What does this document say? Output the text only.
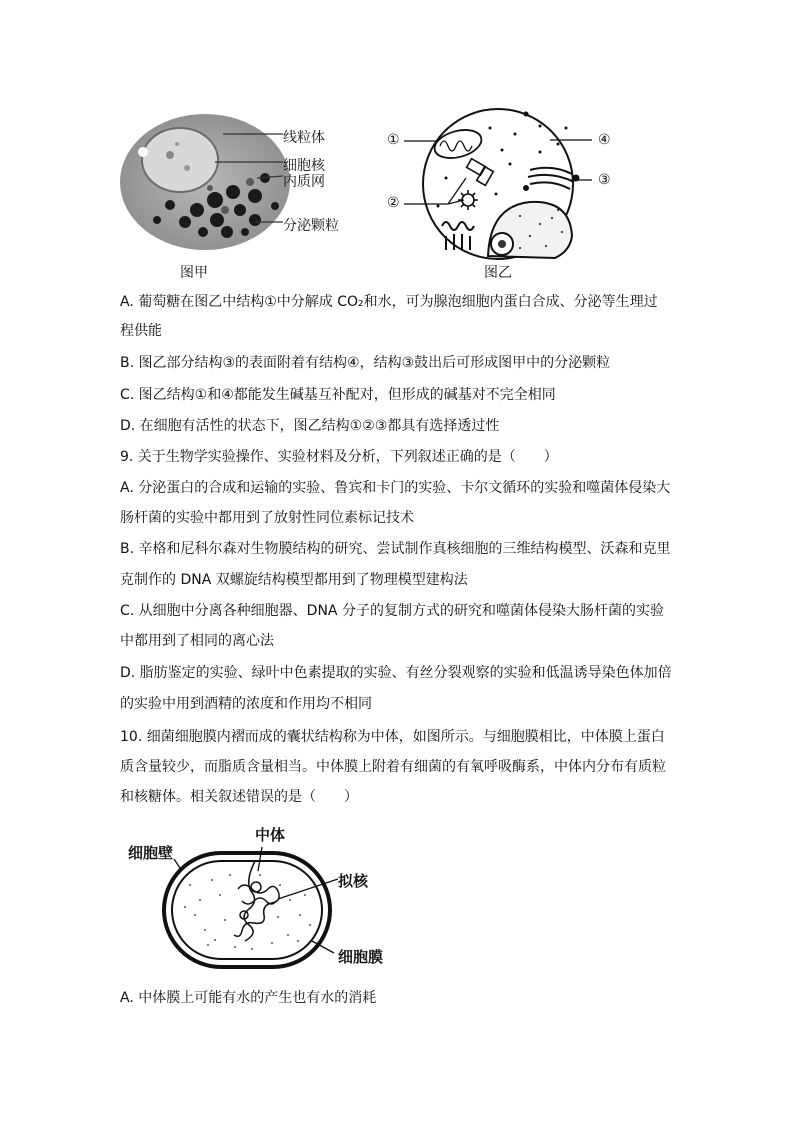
线粒体
细胞核
内质网
分泌颗粒
图甲
①
②
③
④
图乙
A. 葡萄糖在图乙中结构①中分解成 CO₂和水，可为腺泡细胞内蛋白合成、分泌等生理过
程供能
B. 图乙部分结构③的表面附着有结构④，结构③鼓出后可形成图甲中的分泌颗粒
C. 图乙结构①和④都能发生碱基互补配对，但形成的碱基对不完全相同
D. 在细胞有活性的状态下，图乙结构①②③都具有选择透过性
9. 关于生物学实验操作、实验材料及分析，下列叙述正确的是（　　）
A. 分泌蛋白的合成和运输的实验、鲁宾和卡门的实验、卡尔文循环的实验和噬菌体侵染大
肠杆菌的实验中都用到了放射性同位素标记技术
B. 辛格和尼科尔森对生物膜结构的研究、尝试制作真核细胞的三维结构模型、沃森和克里
克制作的 DNA 双螺旋结构模型都用到了物理模型建构法
C. 从细胞中分离各种细胞器、DNA 分子的复制方式的研究和噬菌体侵染大肠杆菌的实验
中都用到了相同的离心法
D. 脂肪鉴定的实验、绿叶中色素提取的实验、有丝分裂观察的实验和低温诱导染色体加倍
的实验中用到酒精的浓度和作用均不相同
10. 细菌细胞膜内褶而成的囊状结构称为中体，如图所示。与细胞膜相比，中体膜上蛋白
质含量较少，而脂质含量相当。中体膜上附着有细菌的有氧呼吸酶系，中体内分布有质粒
和核糖体。相关叙述错误的是（　　）
中体
细胞壁
拟核
细胞膜
A. 中体膜上可能有水的产生也有水的消耗
